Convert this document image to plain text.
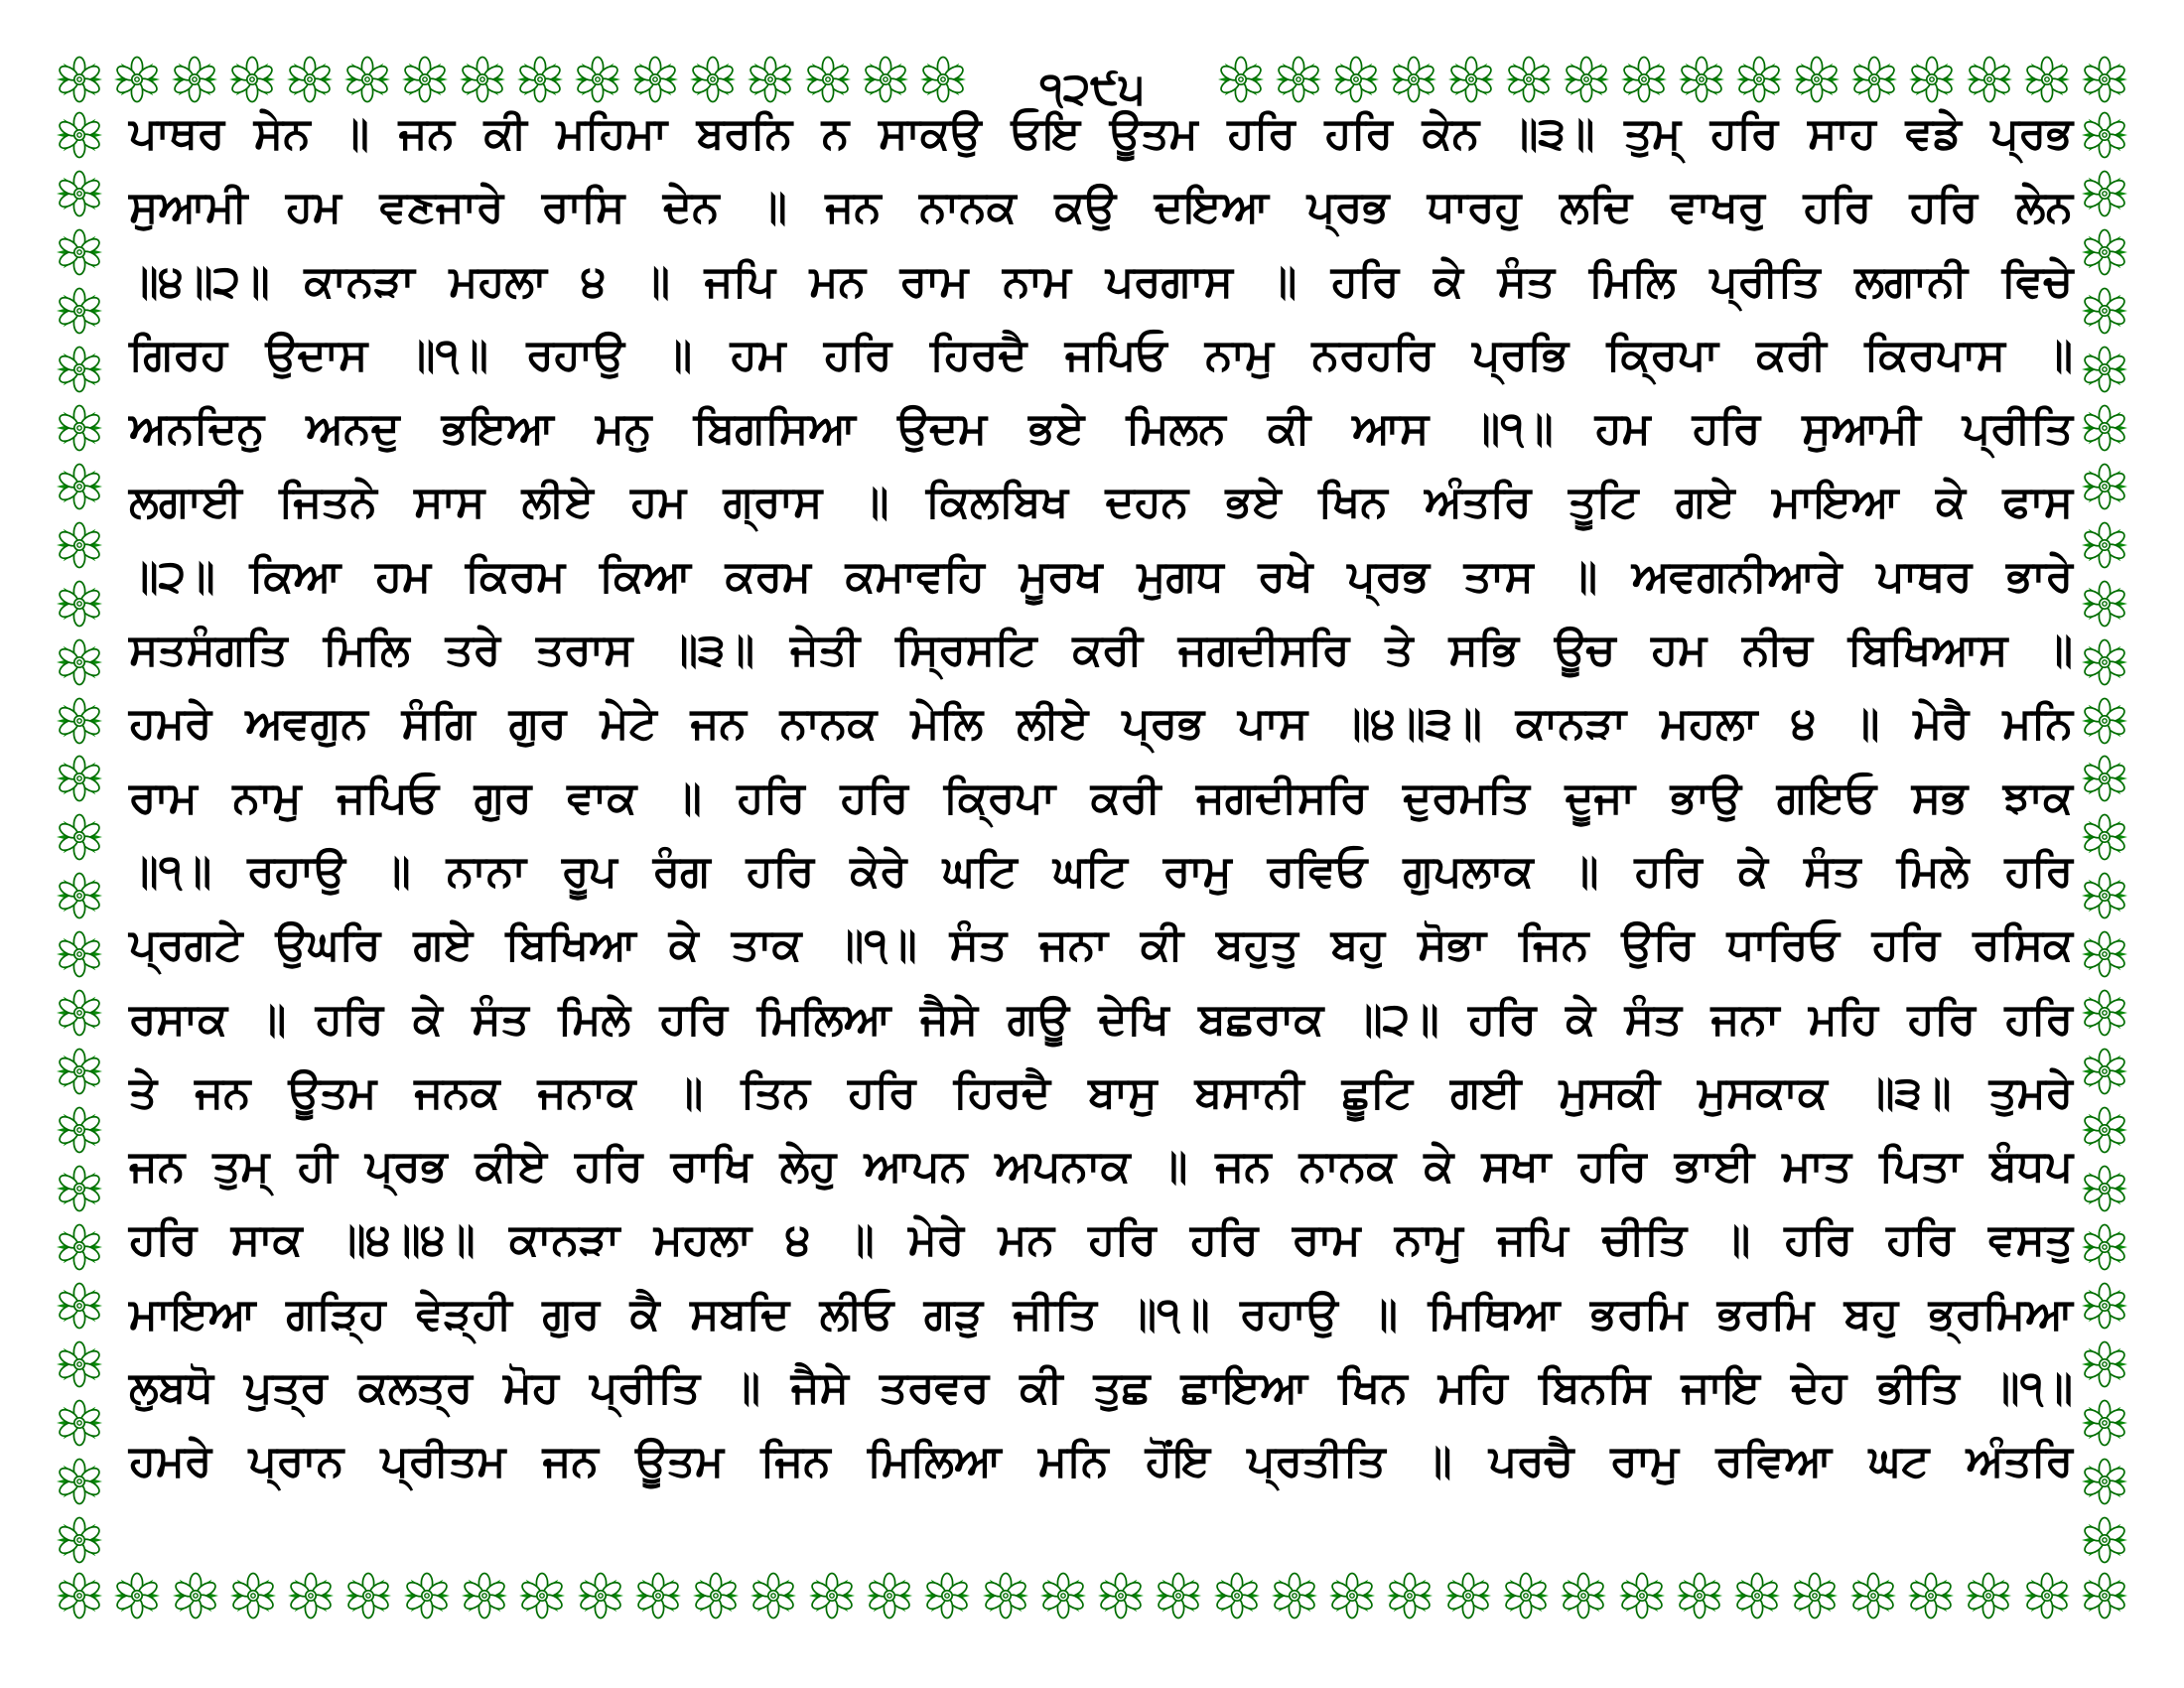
੧੨੯੫
ਪਾਥਰ ਸੇਨ ॥ ਜਨ ਕੀ ਮਹਿਮਾ ਬਰਨਿ ਨ ਸਾਕਉ ਓਇ ਊਤਮ ਹਰਿ ਹਰਿ ਕੇਨ ॥੩॥ ਤੁਮ੍ ਹਰਿ ਸਾਹ ਵਡੇ ਪ੍ਰਭ
ਸੁਆਮੀ ਹਮ ਵਣਜਾਰੇ ਰਾਸਿ ਦੇਨ ॥ ਜਨ ਨਾਨਕ ਕਉ ਦਇਆ ਪ੍ਰਭ ਧਾਰਹੁ ਲਦਿ ਵਾਖਰੁ ਹਰਿ ਹਰਿ ਲੇਨ
॥੪॥੨॥ ਕਾਨੜਾ ਮਹਲਾ ੪ ॥ ਜਪਿ ਮਨ ਰਾਮ ਨਾਮ ਪਰਗਾਸ ॥ ਹਰਿ ਕੇ ਸੰਤ ਮਿਲਿ ਪ੍ਰੀਤਿ ਲਗਾਨੀ ਵਿਚੇ
ਗਿਰਹ ਉਦਾਸ ॥੧॥ ਰਹਾਉ ॥ ਹਮ ਹਰਿ ਹਿਰਦੈ ਜਪਿਓ ਨਾਮੁ ਨਰਹਰਿ ਪ੍ਰਭਿ ਕ੍ਰਿਪਾ ਕਰੀ ਕਿਰਪਾਸ ॥
ਅਨਦਿਨੁ ਅਨਦੁ ਭਇਆ ਮਨੁ ਬਿਗਸਿਆ ਉਦਮ ਭਏ ਮਿਲਨ ਕੀ ਆਸ ॥੧॥ ਹਮ ਹਰਿ ਸੁਆਮੀ ਪ੍ਰੀਤਿ
ਲਗਾਈ ਜਿਤਨੇ ਸਾਸ ਲੀਏ ਹਮ ਗ੍ਰਾਸ ॥ ਕਿਲਬਿਖ ਦਹਨ ਭਏ ਖਿਨ ਅੰਤਰਿ ਤੂਟਿ ਗਏ ਮਾਇਆ ਕੇ ਫਾਸ
॥੨॥ ਕਿਆ ਹਮ ਕਿਰਮ ਕਿਆ ਕਰਮ ਕਮਾਵਹਿ ਮੂਰਖ ਮੁਗਧ ਰਖੇ ਪ੍ਰਭ ਤਾਸ ॥ ਅਵਗਨੀਆਰੇ ਪਾਥਰ ਭਾਰੇ
ਸਤਸੰਗਤਿ ਮਿਲਿ ਤਰੇ ਤਰਾਸ ॥੩॥ ਜੇਤੀ ਸ੍ਰਿਸਟਿ ਕਰੀ ਜਗਦੀਸਰਿ ਤੇ ਸਭਿ ਊਚ ਹਮ ਨੀਚ ਬਿਖਿਆਸ ॥
ਹਮਰੇ ਅਵਗੁਨ ਸੰਗਿ ਗੁਰ ਮੇਟੇ ਜਨ ਨਾਨਕ ਮੇਲਿ ਲੀਏ ਪ੍ਰਭ ਪਾਸ ॥੪॥੩॥ ਕਾਨੜਾ ਮਹਲਾ ੪ ॥ ਮੇਰੈ ਮਨਿ
ਰਾਮ ਨਾਮੁ ਜਪਿਓ ਗੁਰ ਵਾਕ ॥ ਹਰਿ ਹਰਿ ਕ੍ਰਿਪਾ ਕਰੀ ਜਗਦੀਸਰਿ ਦੁਰਮਤਿ ਦੂਜਾ ਭਾਉ ਗਇਓ ਸਭ ਝਾਕ
॥੧॥ ਰਹਾਉ ॥ ਨਾਨਾ ਰੂਪ ਰੰਗ ਹਰਿ ਕੇਰੇ ਘਟਿ ਘਟਿ ਰਾਮੁ ਰਵਿਓ ਗੁਪਲਾਕ ॥ ਹਰਿ ਕੇ ਸੰਤ ਮਿਲੇ ਹਰਿ
ਪ੍ਰਗਟੇ ਉਘਰਿ ਗਏ ਬਿਖਿਆ ਕੇ ਤਾਕ ॥੧॥ ਸੰਤ ਜਨਾ ਕੀ ਬਹੁਤੁ ਬਹੁ ਸੋਭਾ ਜਿਨ ਉਰਿ ਧਾਰਿਓ ਹਰਿ ਰਸਿਕ
ਰਸਾਕ ॥ ਹਰਿ ਕੇ ਸੰਤ ਮਿਲੇ ਹਰਿ ਮਿਲਿਆ ਜੈਸੇ ਗਊ ਦੇਖਿ ਬਛਰਾਕ ॥੨॥ ਹਰਿ ਕੇ ਸੰਤ ਜਨਾ ਮਹਿ ਹਰਿ ਹਰਿ
ਤੇ ਜਨ ਊਤਮ ਜਨਕ ਜਨਾਕ ॥ ਤਿਨ ਹਰਿ ਹਿਰਦੈ ਬਾਸੁ ਬਸਾਨੀ ਛੂਟਿ ਗਈ ਮੁਸਕੀ ਮੁਸਕਾਕ ॥੩॥ ਤੁਮਰੇ
ਜਨ ਤੁਮ੍ ਹੀ ਪ੍ਰਭ ਕੀਏ ਹਰਿ ਰਾਖਿ ਲੇਹੁ ਆਪਨ ਅਪਨਾਕ ॥ ਜਨ ਨਾਨਕ ਕੇ ਸਖਾ ਹਰਿ ਭਾਈ ਮਾਤ ਪਿਤਾ ਬੰਧਪ
ਹਰਿ ਸਾਕ ॥੪॥੪॥ ਕਾਨੜਾ ਮਹਲਾ ੪ ॥ ਮੇਰੇ ਮਨ ਹਰਿ ਹਰਿ ਰਾਮ ਨਾਮੁ ਜਪਿ ਚੀਤਿ ॥ ਹਰਿ ਹਰਿ ਵਸਤੁ
ਮਾਇਆ ਗੜ੍ਹਿ ਵੇੜ੍ਹੀ ਗੁਰ ਕੈ ਸਬਦਿ ਲੀਓ ਗੜੁ ਜੀਤਿ ॥੧॥ ਰਹਾਉ ॥ ਮਿਥਿਆ ਭਰਮਿ ਭਰਮਿ ਬਹੁ ਭ੍ਰਮਿਆ
ਲੁਬਧੋ ਪੁਤ੍ਰ ਕਲਤ੍ਰ ਮੋਹ ਪ੍ਰੀਤਿ ॥ ਜੈਸੇ ਤਰਵਰ ਕੀ ਤੁਛ ਛਾਇਆ ਖਿਨ ਮਹਿ ਬਿਨਸਿ ਜਾਇ ਦੇਹ ਭੀਤਿ ॥੧॥
ਹਮਰੇ ਪ੍ਰਾਨ ਪ੍ਰੀਤਮ ਜਨ ਊਤਮ ਜਿਨ ਮਿਲਿਆ ਮਨਿ ਹੋਂਇ ਪ੍ਰਤੀਤਿ ॥ ਪਰਚੈ ਰਾਮੁ ਰਵਿਆ ਘਟ ਅੰਤਰਿ
